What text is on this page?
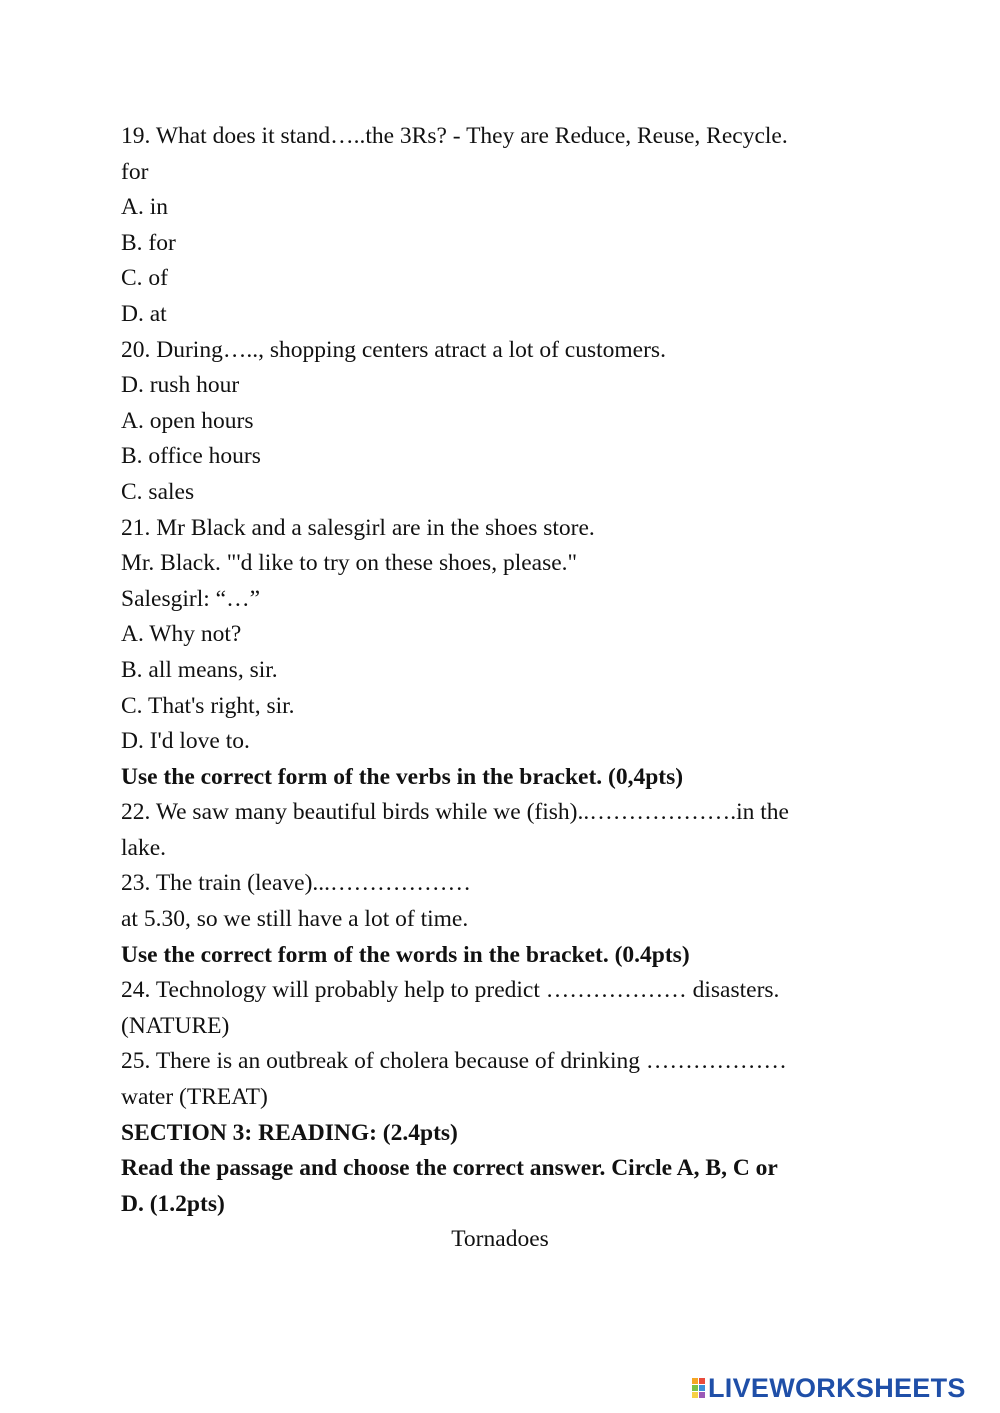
19. What does it stand…..the 3Rs? - They are Reduce, Reuse, Recycle.
for
A. in
B. for
C. of
D. at
20. During….., shopping centers atract a lot of customers.
D. rush hour
A. open hours
B. office hours
C. sales
21. Mr Black and a salesgirl are in the shoes store.
Mr. Black. "'d like to try on these shoes, please."
Salesgirl: “…”
A. Why not?
B. all means, sir.
C. That's right, sir.
D. I'd love to.
Use the correct form of the verbs in the bracket. (0,4pts)
22. We saw many beautiful birds while we (fish)..……………….in the
lake.
23. The train (leave)...………………
at 5.30, so we still have a lot of time.
Use the correct form of the words in the bracket. (0.4pts)
24. Technology will probably help to predict ……………… disasters.
(NATURE)
25. There is an outbreak of cholera because of drinking ………………
water (TREAT)
SECTION 3: READING: (2.4pts)
Read the passage and choose the correct answer. Circle A, B, C or
D. (1.2pts)
Tornadoes
LIVEWORKSHEETS
